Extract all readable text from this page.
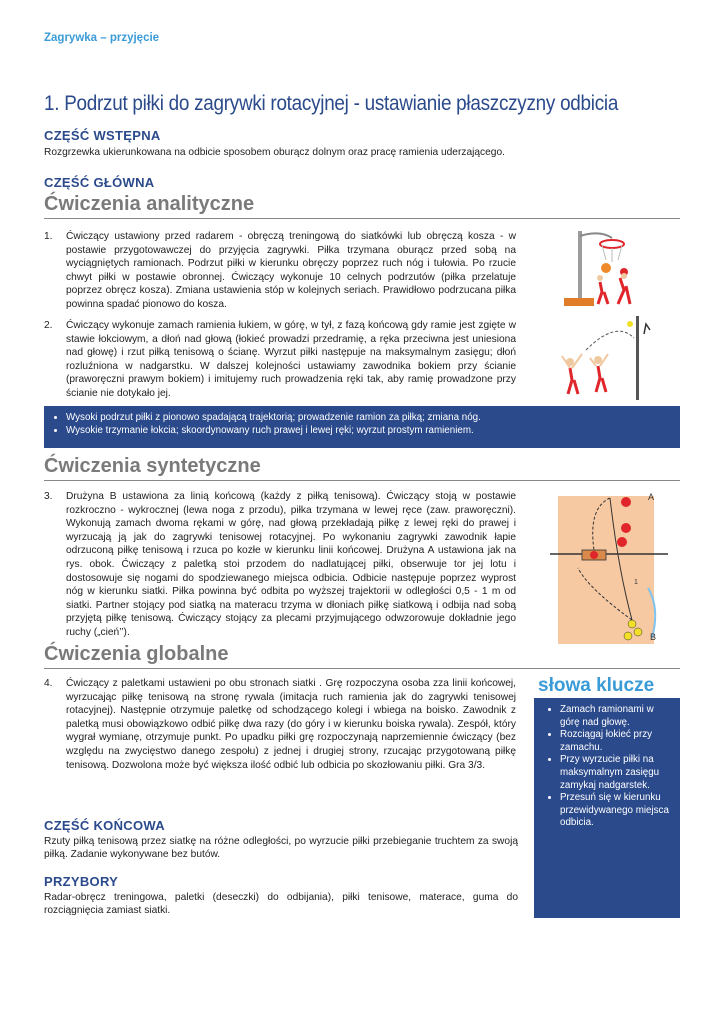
Zagrywka – przyjęcie
1. Podrzut piłki do zagrywki rotacyjnej - ustawianie płaszczyzny odbicia
CZĘŚĆ WSTĘPNA
Rozgrzewka ukierunkowana na odbicie sposobem oburącz dolnym oraz pracę ramienia uderzającego.
CZĘŚĆ GŁÓWNA
Ćwiczenia analityczne
1. Ćwiczący ustawiony przed radarem - obręczą treningową do siatkówki lub obręczą kosza - w postawie przygotowawczej do przyjęcia zagrywki. Piłka trzymana oburącz przed sobą na wyciągniętych ramionach. Podrzut piłki w kierunku obręczy poprzez ruch nóg i tułowia. Po rzucie chwyt piłki w postawie obronnej. Ćwiczący wykonuje 10 celnych podrzutów (piłka przelatuje poprzez obręcz kosza). Zmiana ustawienia stóp w kolejnych seriach. Prawidłowo podrzucana piłka powinna spadać pionowo do kosza.
2. Ćwiczący wykonuje zamach ramienia łukiem, w górę, w tył, z fazą końcową gdy ramie jest zgięte w stawie łokciowym, a dłoń nad głową (łokieć prowadzi przedramię, a ręka przeciwna jest uniesiona nad głowę) i rzut piłką tenisową o ścianę. Wyrzut piłki następuje na maksymalnym zasięgu; dłoń rozluźniona w nadgarstku. W dalszej kolejności ustawiamy zawodnika bokiem przy ścianie (praworęczni prawym bokiem) i imitujemy ruch prowadzenia ręki tak, aby ramię prowadzone przy ścianie nie dotykało jej.
• Wysoki podrzut piłki z pionowo spadającą trajektorią; prowadzenie ramion za piłką; zmiana nóg.
• Wysokie trzymanie łokcia; skoordynowany ruch prawej i lewej ręki; wyrzut prostym ramieniem.
Ćwiczenia syntetyczne
3. Drużyna B ustawiona za linią końcową (każdy z piłką tenisową). Ćwiczący stoją w postawie rozkroczno - wykrocznej (lewa noga z przodu), piłka trzymana w lewej ręce (zaw. praworęczni). Wykonują zamach dwoma rękami w górę, nad głową przekładają piłkę z lewej ręki do prawej i wyrzucają ją jak do zagrywki tenisowej rotacyjnej. Po wykonaniu zagrywki zawodnik łapie odrzuconą piłkę tenisową i rzuca po kozłe w kierunku linii końcowej. Drużyna A ustawiona jak na rys. obok. Ćwiczący z paletką stoi przodem do nadlatującej piłki, obserwuje tor jej lotu i dostosowuje się nogami do spodziewanego miejsca odbicia. Odbicie następuje poprzez wyprost nóg w kierunku siatki. Piłka powinna być odbita po wyższej trajektorii w odległości 0,5 - 1 m od siatki. Partner stojący pod siatką na materacu trzyma w dłoniach piłkę siatkową i odbija nad sobą przyjętą piłkę tenisową. Ćwiczący stojący za plecami przyjmującego odwzorowuje dokładnie jego ruchy („cień’’).
A
B
1
Ćwiczenia globalne
4. Ćwiczący z paletkami ustawieni po obu stronach siatki . Grę rozpoczyna osoba zza linii końcowej, wyrzucając piłkę tenisową na stronę rywala (imitacja ruch ramienia jak do zagrywki tenisowej rotacyjnej). Następnie otrzymuje paletkę od schodzącego kolegi i wbiega na boisko. Zawodnik z paletką musi obowiązkowo odbić piłkę dwa razy (do góry i w kierunku boiska rywala). Zespół, który wygrał wymianę, otrzymuje punkt. Po upadku piłki grę rozpoczynają naprzemiennie ćwiczący (bez względu na zwycięstwo danego zespołu) z jednej i drugiej strony, rzucając przygotowaną piłkę tenisową. Dozwolona może być większa ilość odbić lub odbicia po skozłowaniu piłki. Gra 3/3.
słowa klucze
• Zamach ramionami w górę nad głowę.
• Rozciągaj łokieć przy zamachu.
• Przy wyrzucie piłki na maksymalnym zasięgu zamykaj nadgarstek.
• Przesuń się w kierunku przewidywanego miejsca odbicia.
CZĘŚĆ KOŃCOWA
Rzuty piłką tenisową przez siatkę na różne odległości, po wyrzucie piłki przebieganie truchtem za swoją piłką. Zadanie wykonywane bez butów.
PRZYBORY
Radar-obręcz treningowa, paletki (deseczki) do odbijania), piłki tenisowe, materace, guma do rozciągnięcia zamiast siatki.
